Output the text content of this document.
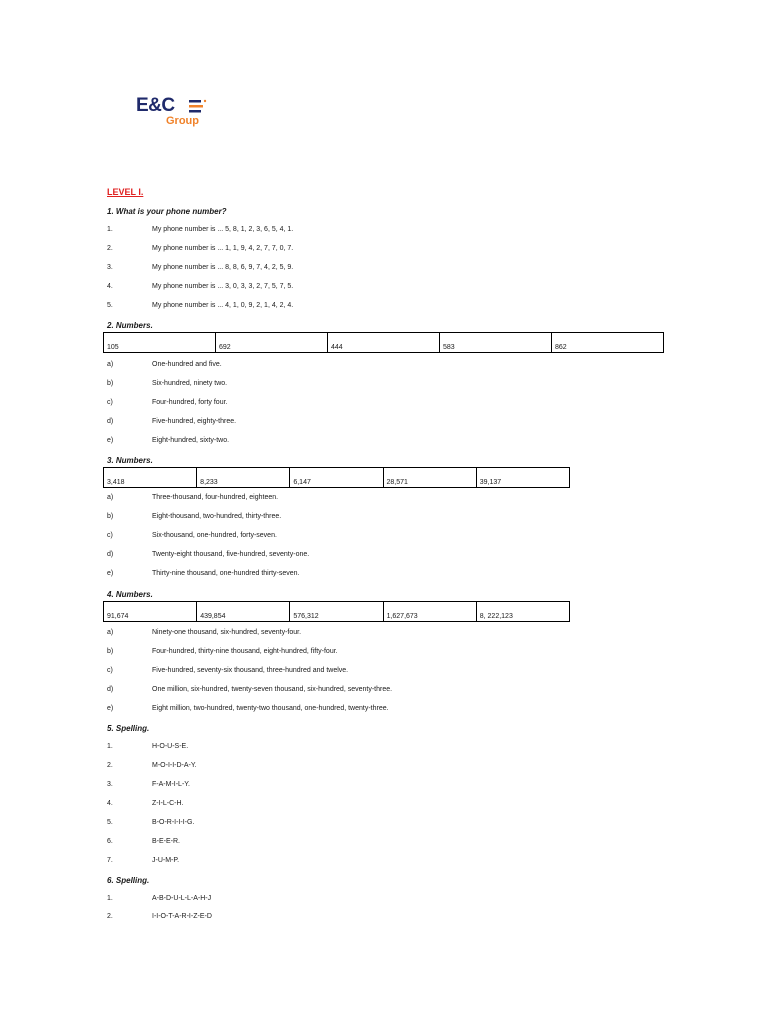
E&C
Group
LEVEL I.
1. What is your phone number?
1.	My phone number is ... 5, 8, 1, 2, 3, 6, 5, 4, 1.
2.	My phone number is ... 1, 1, 9, 4, 2, 7, 7, 0, 7.
3.	My phone number is ... 8, 8, 6, 9, 7, 4, 2, 5, 9.
4.	My phone number is ... 3, 0, 3, 3, 2, 7, 5, 7, 5.
5.	My phone number is ... 4, 1, 0, 9, 2, 1, 4, 2, 4.
2. Numbers.
105	692	444	583	862
a)	One-hundred and five.
b)	Six-hundred, ninety two.
c)	Four-hundred, forty four.
d)	Five-hundred, eighty-three.
e)	Eight-hundred, sixty-two.
3. Numbers.
3,418	8,233	6,147	28,571	39,137
a)	Three-thousand, four-hundred, eighteen.
b)	Eight-thousand, two-hundred, thirty-three.
c)	Six-thousand, one-hundred, forty-seven.
d)	Twenty-eight thousand, five-hundred, seventy-one.
e)	Thirty-nine thousand, one-hundred thirty-seven.
4. Numbers.
91,674	439,854	576,312	1,627,673	8, 222,123
a)	Ninety-one thousand, six-hundred, seventy-four.
b)	Four-hundred, thirty-nine thousand, eight-hundred, fifty-four.
c)	Five-hundred, seventy-six thousand, three-hundred and twelve.
d)	One million, six-hundred, twenty-seven thousand, six-hundred, seventy-three.
e)	Eight million, two-hundred, twenty-two thousand, one-hundred, twenty-three.
5. Spelling.
1.	H-O-U-S-E.
2.	M-O-I-I-D-A-Y.
3.	F-A-M-I-L-Y.
4.	Z-I-L-C-H.
5.	B-O-R-I-I-I-G.
6.	B-E-E-R.
7.	J-U-M-P.
6. Spelling.
1.	A-B-D-U-L-L-A-H-J
2.	I-I-O-T-A-R-I-Z-E-D
